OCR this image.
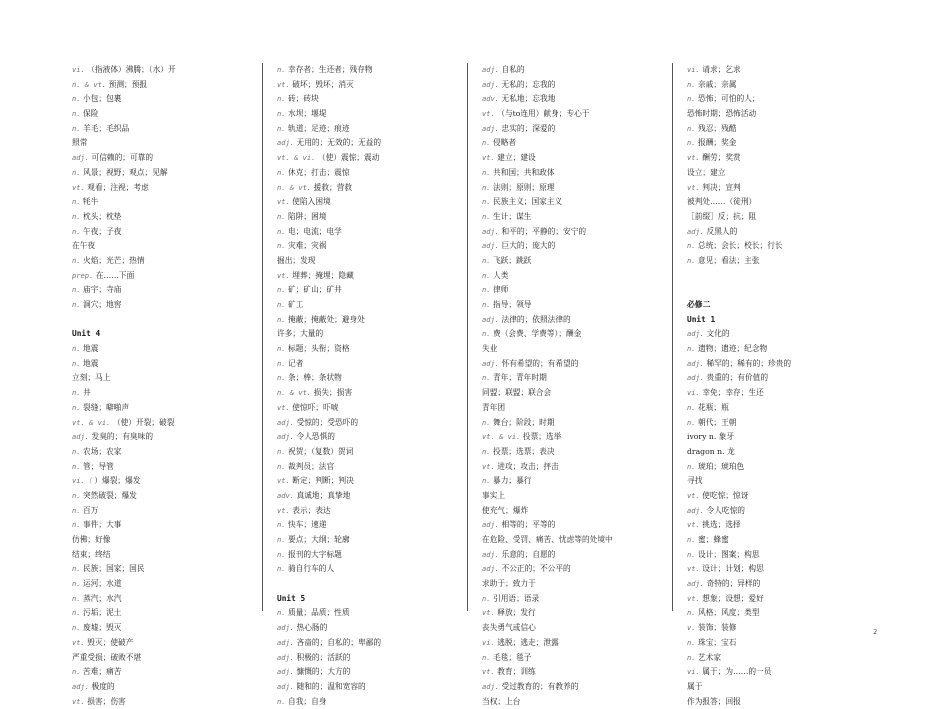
vi. （指液体）沸腾；（水）开
n. & vt. 预测；预报
n. 小包；包裹
n. 保险
n. 羊毛；毛织品
照常
adj. 可信赖的；可靠的
n. 风景；视野；观点；见解
vt. 观看；注视；考虑
n. 牦牛
n. 枕头；枕垫
n. 午夜；子夜
在午夜
n. 火焰；光芒；热情
prep. 在……下面
n. 庙宇；寺庙
n. 洞穴；地窖
Unit 4
n. 地震
n. 地震
立刻；马上
n. 井
n. 裂缝；噼啪声
vt. & vi. （使）开裂；破裂
adj. 发臭的；有臭味的
n. 农场；农家
n. 管；导管
vi.（ ）爆裂；爆发
n. 突然破裂；爆发
n. 百万
n. 事件；大事
仿佛；好像
结束；终结
n. 民族；国家；国民
n. 运河；水道
n. 蒸汽；水汽
n. 污垢；泥土
n. 废墟；毁灭
vt. 毁灭；使破产
严重受损；破败不堪
n. 苦难；痛苦
adj. 极度的
vt. 损害；伤害
n. 幸存者；生还者；残存物
vt. 破坏；毁坏；消灭
n. 砖；砖块
n. 水坝；堰堤
n. 轨道；足迹；痕迹
adj. 无用的；无效的；无益的
vt. & vi. （使）震惊；震动
n. 休克；打击；震惊
n. & vt. 援救；营救
vt. 使陷入困境
n. 陷阱；困境
n. 电；电流；电学
n. 灾难；灾祸
掘出；发现
vt. 埋葬；掩埋；隐藏
n. 矿；矿山；矿井
n. 矿工
n. 掩蔽；掩蔽处；避身处
许多；大量的
n. 标题；头衔；资格
n. 记者
n. 条；棒；条状物
n. & vt. 损失；损害
vt. 使惊吓；吓唬
adj. 受惊的；受恐吓的
adj. 令人恐惧的
n. 祝贺；（复数）贺词
n. 裁判员；法官
vt. 断定；判断；判决
adv. 真诚地；真挚地
vt. 表示；表达
n. 快车；速递
n. 要点；大纲；轮廓
n. 报刊的大字标题
n. 骑自行车的人
Unit 5
n. 质量；品质；性质
adj. 热心肠的
adj. 吝啬的；自私的；卑鄙的
adj. 积极的；活跃的
adj. 慷慨的；大方的
adj. 随和的；温和宽容的
n. 自我；自身
adj. 自私的
adj. 无私的；忘我的
adv. 无私地；忘我地
vt. （与to连用）献身；专心于
adj. 忠实的；深爱的
n. 侵略者
vt. 建立；建设
n. 共和国；共和政体
n. 法则；原则；原理
n. 民族主义；国家主义
n. 生计；谋生
adj. 和平的；平静的；安宁的
adj. 巨大的；庞大的
n. 飞跃；跳跃
n. 人类
n. 律师
n. 指导；领导
adj. 法律的；依照法律的
n. 费（会费、学费等）；酬金
失业
adj. 怀有希望的；有希望的
n. 青年；青年时期
同盟；联盟；联合会
青年团
n. 舞台；阶段；时期
vt. & vi. 投票；选举
n. 投票；选票；表决
vt. 进攻；攻击；抨击
n. 暴力；暴行
事实上
使充气；爆炸
adj. 相等的；平等的
在危险、受罚、痛苦、忧虑等的处境中
adj. 乐意的；自愿的
adj. 不公正的；不公平的
求助于；致力于
n. 引用语；语录
vt. 释放；发行
丧失勇气或信心
vi. 逃脱；逃走；泄露
n. 毛毯；毯子
vt. 教育；训练
adj. 受过教育的；有教养的
当权；上台
vi. 请求；乞求
n. 亲戚；亲属
n. 恐怖；可怕的人；
恐怖时期；恐怖活动
n. 残忍；残酷
n. 报酬；奖金
vt. 酬劳；奖赏
设立；建立
vt. 判决；宣判
被判处……（徒刑）
［前缀］反；抗；阻
adj. 反黑人的
n. 总统；会长；校长；行长
n. 意见；看法；主张
必修二
Unit 1
adj. 文化的
n. 遗物；遗迹；纪念物
adj. 稀罕的；稀有的；珍贵的
adj. 贵重的；有价值的
vi. 幸免；幸存；生还
n. 花瓶；瓶
n. 朝代；王朝
ivory n. 象牙
dragon n. 龙
n. 琥珀；琥珀色
寻找
vt. 使吃惊；惊讶
adj. 令人吃惊的
vt. 挑选；选择
n. 蜜；蜂蜜
n. 设计；图案；构思
vt. 设计；计划；构思
adj. 奇特的；异样的
vt. 想象；设想；爱好
n. 风格；风度；类型
v. 装饰；装修
n. 珠宝；宝石
n. 艺术家
vi. 属于；为……的一员
属于
作为报答；回报
2
